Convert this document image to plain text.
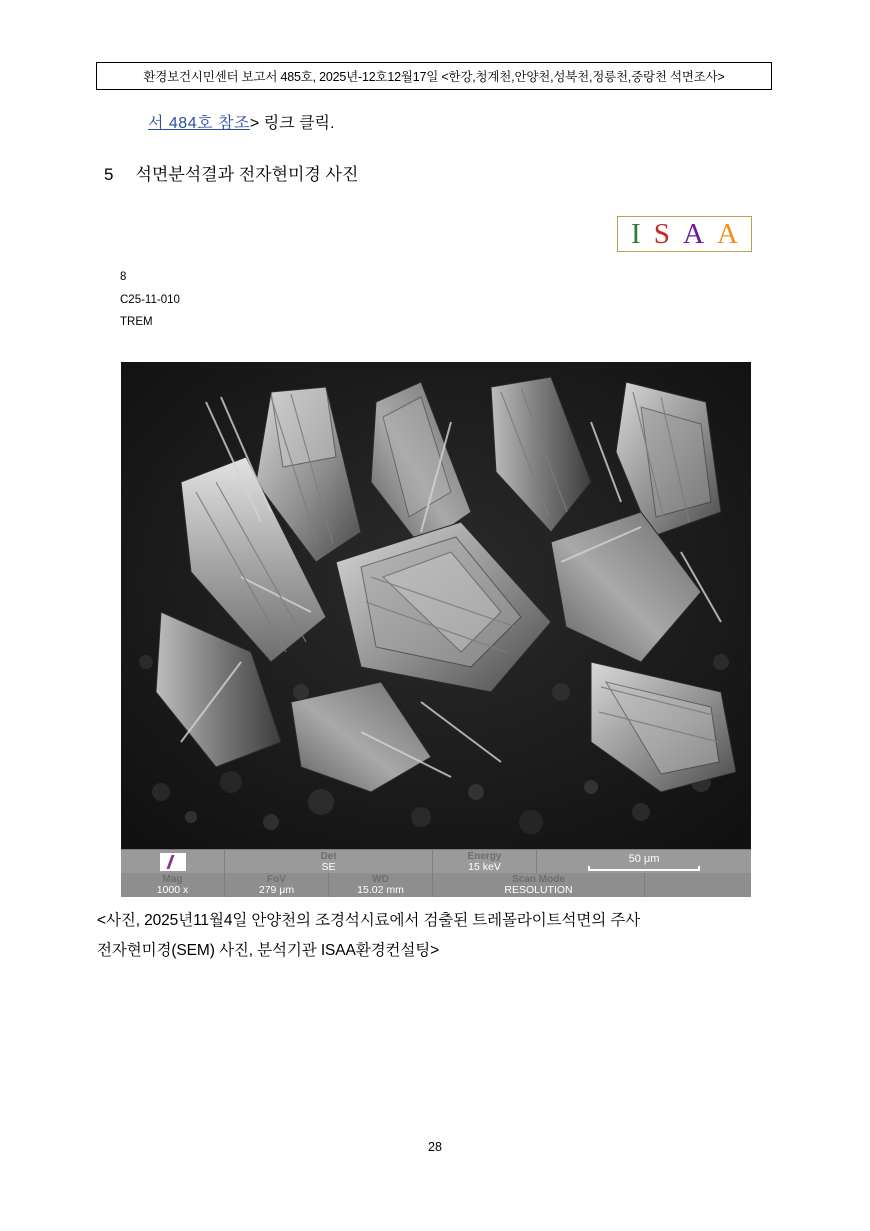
환경보건시민센터 보고서 485호, 2025년-12호12월17일 <한강,청계천,안양천,성북천,정릉천,중랑천 석면조사>
서 484호 참조> 링크 클릭.
5 석면분석결과 전자현미경 사진
I S A A
8
C25-11-010
TREM
Det
SE
Energy
15 keV
50 μm
Mag
1000 x
FoV
279 μm
WD
15.02 mm
Scan Mode
RESOLUTION
<사진, 2025년11월4일 안양천의 조경석시료에서 검출된 트레몰라이트석면의 주사
전자현미경(SEM) 사진, 분석기관 ISAA환경컨설팅>
28
